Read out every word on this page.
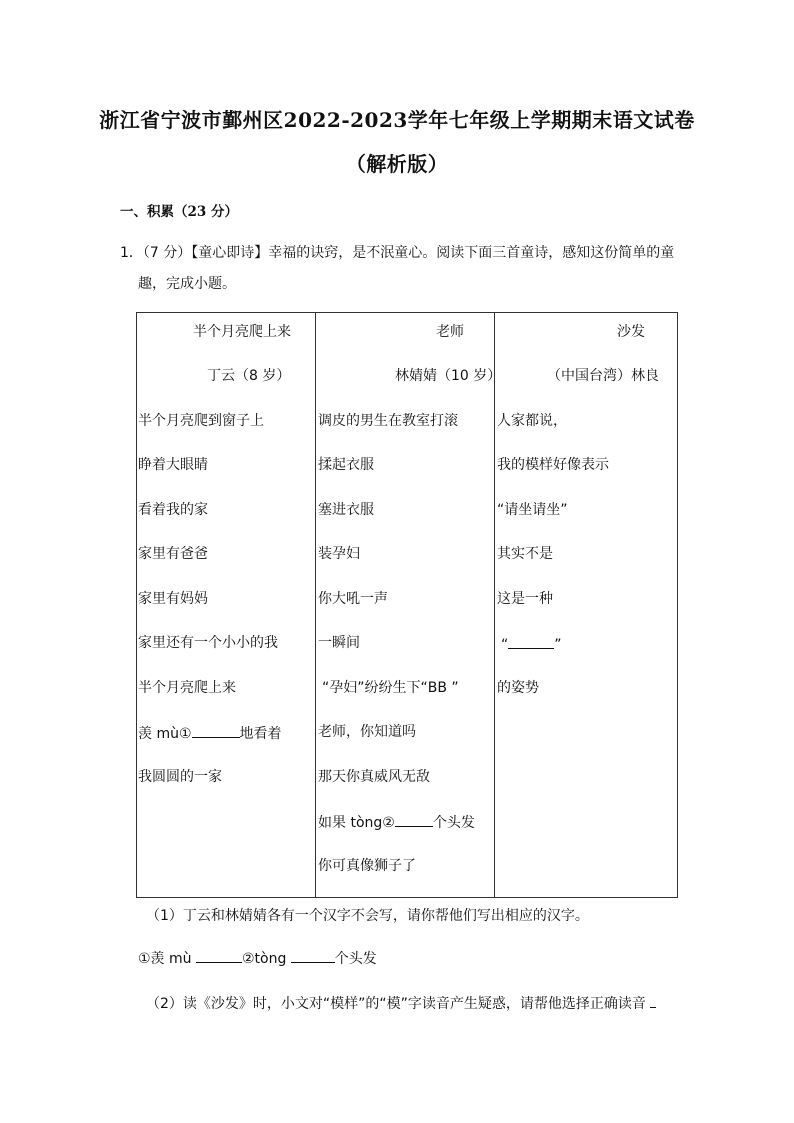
浙江省宁波市鄞州区2022-2023学年七年级上学期期末语文试卷
（解析版）
一、积累（23 分）
1．（7 分）【童心即诗】幸福的诀窍，是不泯童心。阅读下面三首童诗，感知这份简单的童
趣，完成小题。
半个月亮爬上来
丁云（8 岁）
半个月亮爬到窗子上
睁着大眼睛
看着我的家
家里有爸爸
家里有妈妈
家里还有一个小小的我
半个月亮爬上来
羡 mù①	地看着
我圆圆的一家

老师
林婧婧（10 岁）
调皮的男生在教室打滚
揉起衣服
塞进衣服
装孕妇
你大吼一声
一瞬间
“孕妇”纷纷生下“BB ”
老师，你知道吗
那天你真威风无敌
如果 tòng②	个头发
你可真像狮子了

沙发
（中国台湾）林良
人家都说，
我的模样好像表示
“请坐请坐”
其实不是
这是一种
“	”
的姿势
（1）丁云和林婧婧各有一个汉字不会写，请你帮他们写出相应的汉字。
①羡 mù	②tòng	个头发
（2）读《沙发》时，小文对“模样”的“模”字读音产生疑惑，请帮他选择正确读音
